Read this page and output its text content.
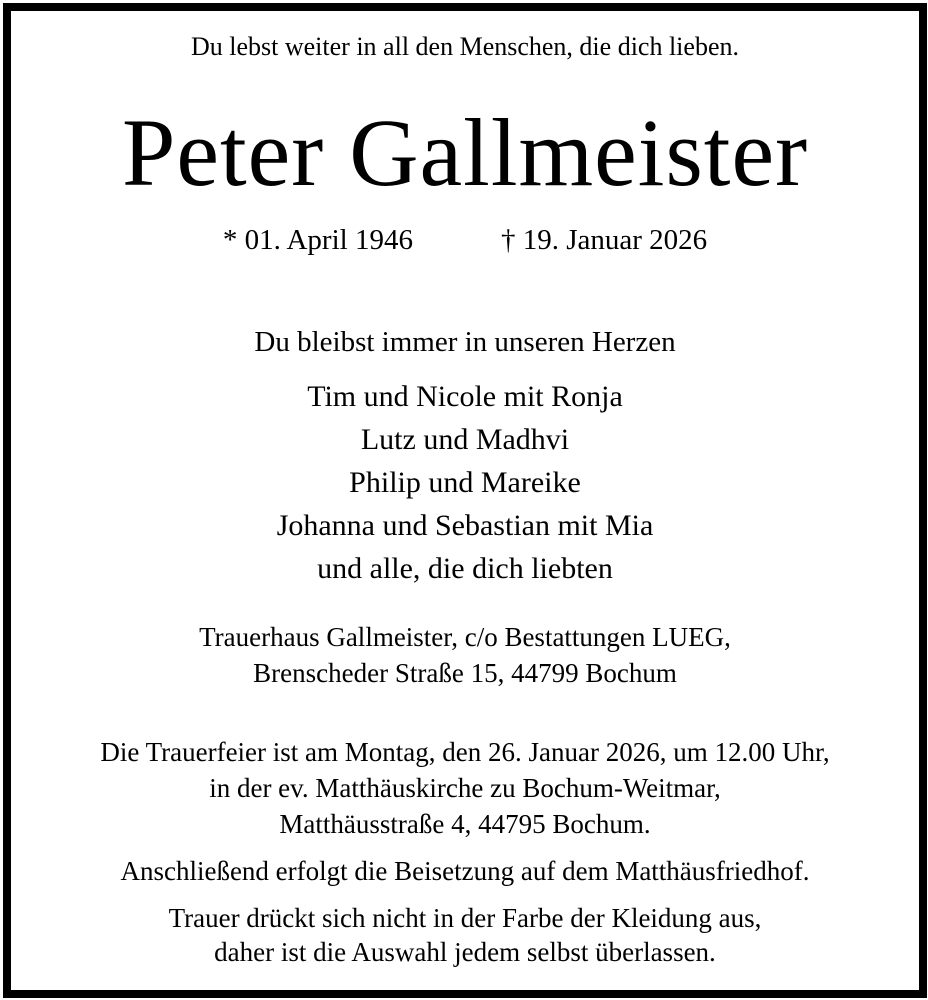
Du lebst weiter in all den Menschen, die dich lieben.
Peter Gallmeister
* 01. April 1946	† 19. Januar 2026
Du bleibst immer in unseren Herzen
Tim und Nicole mit Ronja
Lutz und Madhvi
Philip und Mareike
Johanna und Sebastian mit Mia
und alle, die dich liebten
Trauerhaus Gallmeister, c/o Bestattungen LUEG,
Brenscheder Straße 15, 44799 Bochum
Die Trauerfeier ist am Montag, den 26. Januar 2026, um 12.00 Uhr,
in der ev. Matthäuskirche zu Bochum-Weitmar,
Matthäusstraße 4, 44795 Bochum.
Anschließend erfolgt die Beisetzung auf dem Matthäusfriedhof.
Trauer drückt sich nicht in der Farbe der Kleidung aus,
daher ist die Auswahl jedem selbst überlassen.
